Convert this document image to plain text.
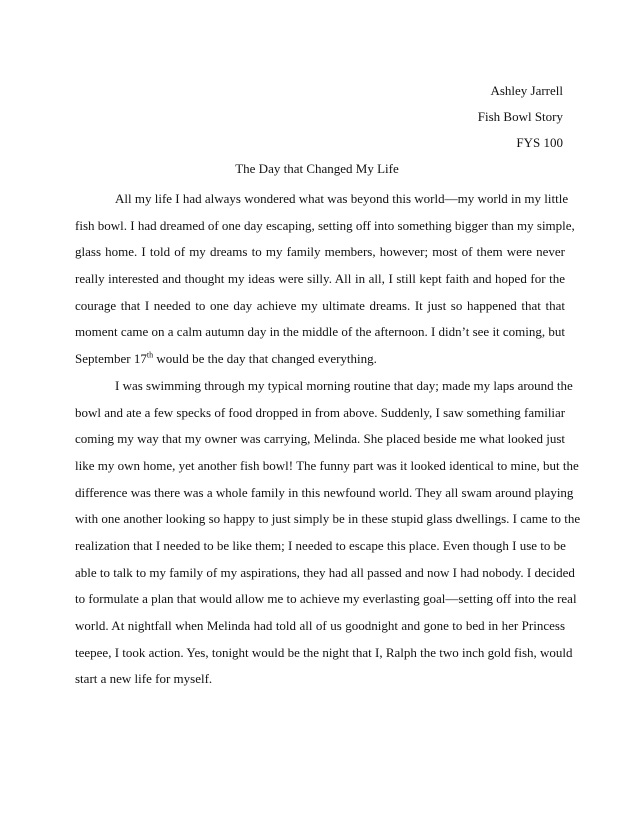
Ashley Jarrell
Fish Bowl Story
FYS 100
The Day that Changed My Life
All my life I had always wondered what was beyond this world—my world in my little
fish bowl. I had dreamed of one day escaping, setting off into something bigger than my simple,
glass home. I told of my dreams to my family members, however; most of them were never
really interested and thought my ideas were silly. All in all, I still kept faith and hoped for the
courage that I needed to one day achieve my ultimate dreams. It just so happened that that
moment came on a calm autumn day in the middle of the afternoon. I didn’t see it coming, but
September 17th would be the day that changed everything.
I was swimming through my typical morning routine that day; made my laps around the
bowl and ate a few specks of food dropped in from above. Suddenly, I saw something familiar
coming my way that my owner was carrying, Melinda. She placed beside me what looked just
like my own home, yet another fish bowl! The funny part was it looked identical to mine, but the
difference was there was a whole family in this newfound world. They all swam around playing
with one another looking so happy to just simply be in these stupid glass dwellings. I came to the
realization that I needed to be like them; I needed to escape this place. Even though I use to be
able to talk to my family of my aspirations, they had all passed and now I had nobody. I decided
to formulate a plan that would allow me to achieve my everlasting goal—setting off into the real
world. At nightfall when Melinda had told all of us goodnight and gone to bed in her Princess
teepee, I took action. Yes, tonight would be the night that I, Ralph the two inch gold fish, would
start a new life for myself.
